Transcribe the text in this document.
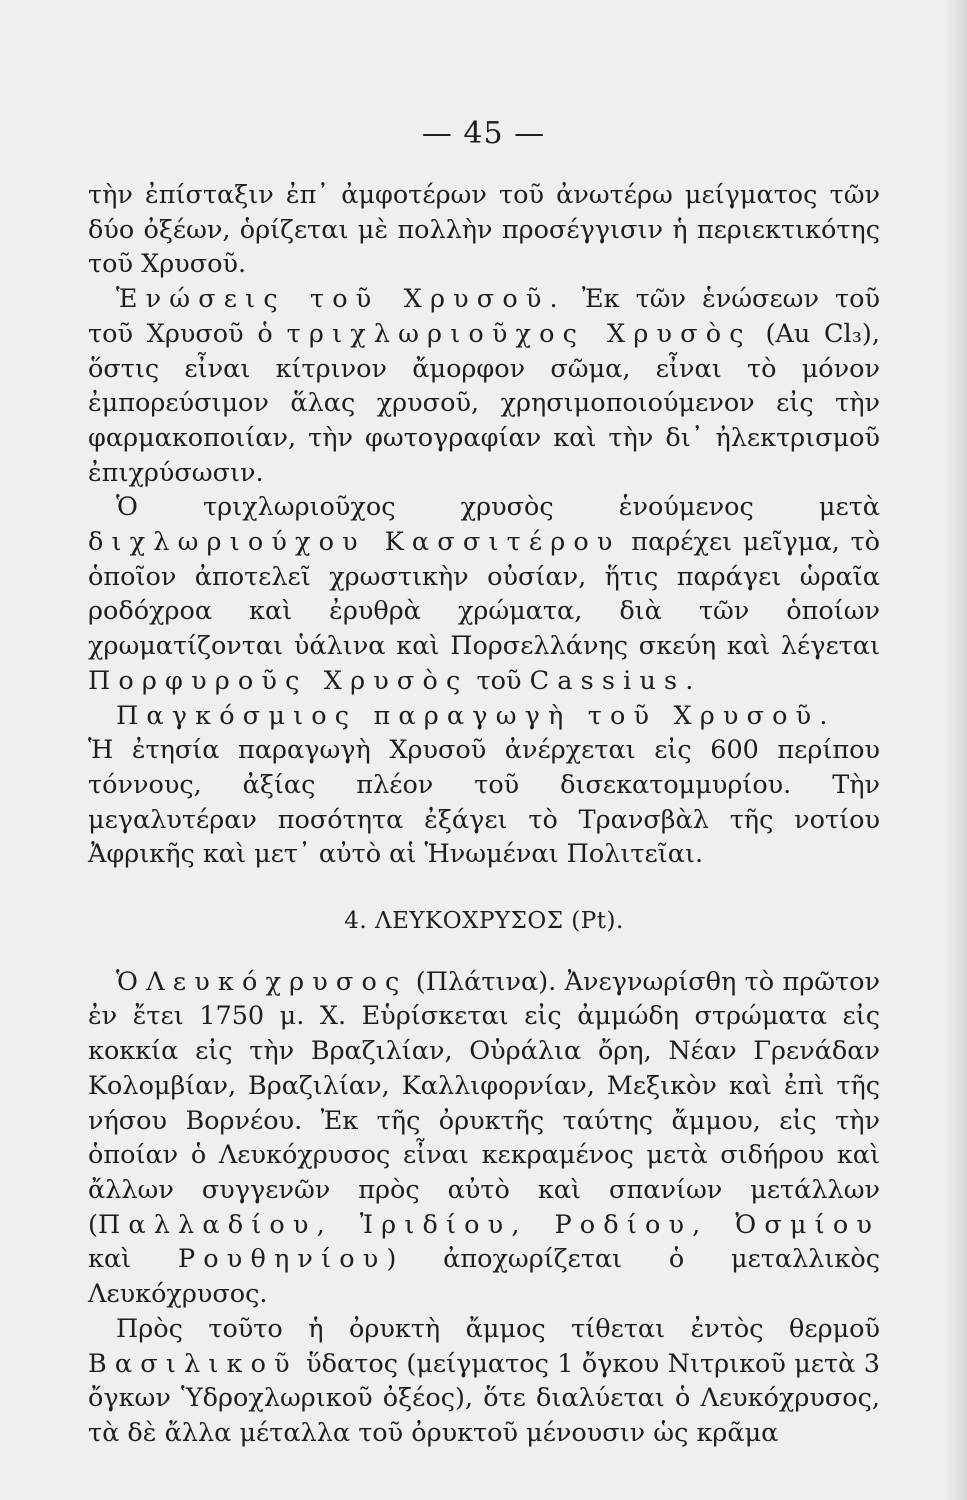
— 45 —

τὴν ἐπίσταξιν ἐπ᾽ ἀμφοτέρων τοῦ ἀνωτέρω μείγματος τῶν δύο ὀξέων, ὁρίζεται μὲ πολλὴν προσέγγισιν ἡ περιεκτικότης τοῦ Χρυσοῦ.

Ἑνώσεις τοῦ Χρυσοῦ. Ἐκ τῶν ἑνώσεων τοῦ τοῦ Χρυσοῦ ὁ τριχλωριοῦχος Χρυσὸς (Au Cl₃), ὅστις εἶναι κίτρινον ἄμορφον σῶμα, εἶναι τὸ μόνον ἐμπορεύσιμον ἅλας χρυσοῦ, χρησιμοποιούμενον εἰς τὴν φαρμακοποιίαν, τὴν φωτογραφίαν καὶ τὴν δι᾽ ἠλεκτρισμοῦ ἐπιχρύσωσιν.

Ὁ τριχλωριοῦχος χρυσὸς ἑνούμενος μετὰ διχλωριούχου Κασσιτέρου παρέχει μεῖγμα, τὸ ὁποῖον ἀποτελεῖ χρωστικὴν οὐσίαν, ἥτις παράγει ὡραῖα ροδόχροα καὶ ἐρυθρὰ χρώματα, διὰ τῶν ὁποίων χρωματίζονται ὑάλινα καὶ Πορσελλάνης σκεύη καὶ λέγεται Πορφυροῦς Χρυσὸς τοῦ Cassius.

Παγκόσμιος παραγωγὴ τοῦ Χρυσοῦ.

Ἡ ἐτησία παραγωγὴ Χρυσοῦ ἀνέρχεται εἰς 600 περίπου τόννους, ἀξίας πλέον τοῦ δισεκατομμυρίου. Τὴν μεγαλυτέραν ποσότητα ἐξάγει τὸ Τρανσβὰλ τῆς νοτίου Ἀφρικῆς καὶ μετ᾽ αὐτὸ αἱ Ἡνωμέναι Πολιτεῖαι.

4. ΛΕΥΚΟΧΡΥΣΟΣ (Pt).

Ὁ Λευκόχρυσος (Πλάτινα). Ἀνεγνωρίσθη τὸ πρῶτον ἐν ἔτει 1750 μ. Χ. Εὑρίσκεται εἰς ἀμμώδη στρώματα εἰς κοκκία εἰς τὴν Βραζιλίαν, Οὐράλια ὄρη, Νέαν Γρενάδαν Κολομβίαν, Βραζιλίαν, Καλλιφορνίαν, Μεξικὸν καὶ ἐπὶ τῆς νήσου Βορνέου. Ἐκ τῆς ὀρυκτῆς ταύτης ἄμμου, εἰς τὴν ὁποίαν ὁ Λευκόχρυσος εἶναι κεκραμένος μετὰ σιδήρου καὶ ἄλλων συγγενῶν πρὸς αὐτὸ καὶ σπανίων μετάλλων (Παλλαδίου, Ἰριδίου, Ροδίου, Ὀσμίου καὶ Ρουθηνίου) ἀποχωρίζεται ὁ μεταλλικὸς Λευκόχρυσος.

Πρὸς τοῦτο ἡ ὀρυκτὴ ἄμμος τίθεται ἐντὸς θερμοῦ Βασιλικοῦ ὕδατος (μείγματος 1 ὄγκου Νιτρικοῦ μετὰ 3 ὄγκων Ὑδροχλωρικοῦ ὀξέος), ὅτε διαλύεται ὁ Λευκόχρυσος, τὰ δὲ ἄλλα μέταλλα τοῦ ὀρυκτοῦ μένουσιν ὡς κρᾶμα
